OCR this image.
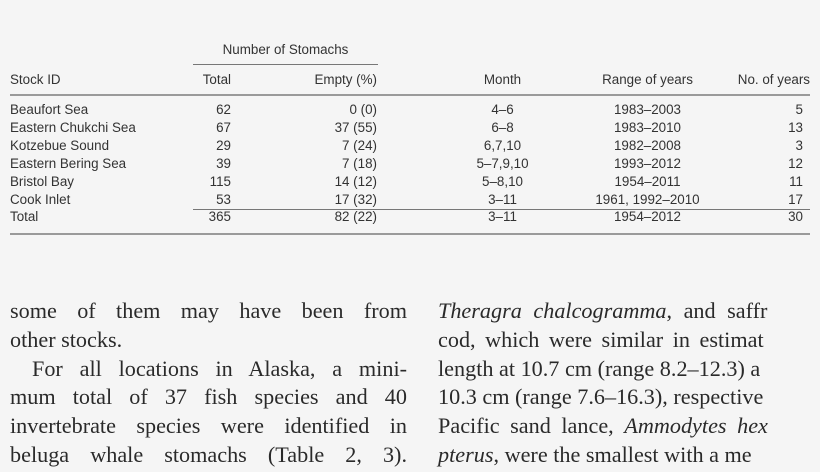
Number of Stomachs
Stock ID	Total	Empty (%)	Month	Range of years	No. of years
Beaufort Sea	62	0 (0)	4–6	1983–2003	5
Eastern Chukchi Sea	67	37 (55)	6–8	1983–2010	13
Kotzebue Sound	29	7 (24)	6,7,10	1982–2008	3
Eastern Bering Sea	39	7 (18)	5–7,9,10	1993–2012	12
Bristol Bay	115	14 (12)	5–8,10	1954–2011	11
Cook Inlet	53	17 (32)	3–11	1961, 1992–2010	17
Total	365	82 (22)	3–11	1954–2012	30
some of them may have been from
other stocks.
For all locations in Alaska, a mini-
mum total of 37 fish species and 40
invertebrate species were identified in
beluga whale stomachs (Table 2, 3).
Theragra chalcogramma, and saffr
cod, which were similar in estimat
length at 10.7 cm (range 8.2–12.3) a
10.3 cm (range 7.6–16.3), respective
Pacific sand lance, Ammodytes hex
pterus, were the smallest with a me
